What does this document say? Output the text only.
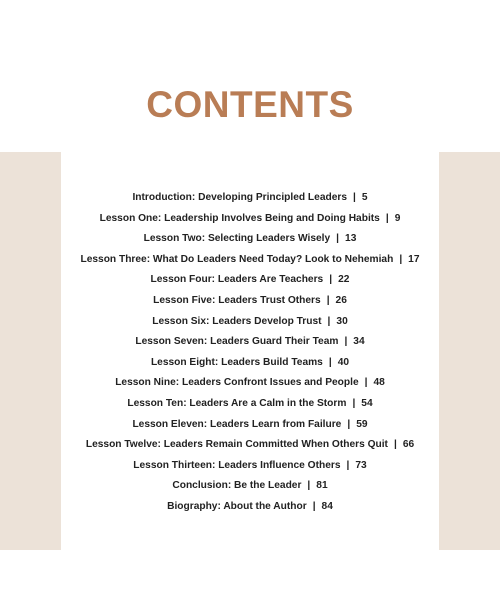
CONTENTS
Introduction: Developing Principled Leaders | 5
Lesson One: Leadership Involves Being and Doing Habits | 9
Lesson Two: Selecting Leaders Wisely | 13
Lesson Three: What Do Leaders Need Today? Look to Nehemiah | 17
Lesson Four: Leaders Are Teachers | 22
Lesson Five: Leaders Trust Others | 26
Lesson Six: Leaders Develop Trust | 30
Lesson Seven: Leaders Guard Their Team | 34
Lesson Eight: Leaders Build Teams | 40
Lesson Nine: Leaders Confront Issues and People | 48
Lesson Ten: Leaders Are a Calm in the Storm | 54
Lesson Eleven: Leaders Learn from Failure | 59
Lesson Twelve: Leaders Remain Committed When Others Quit | 66
Lesson Thirteen: Leaders Influence Others | 73
Conclusion: Be the Leader | 81
Biography: About the Author | 84
